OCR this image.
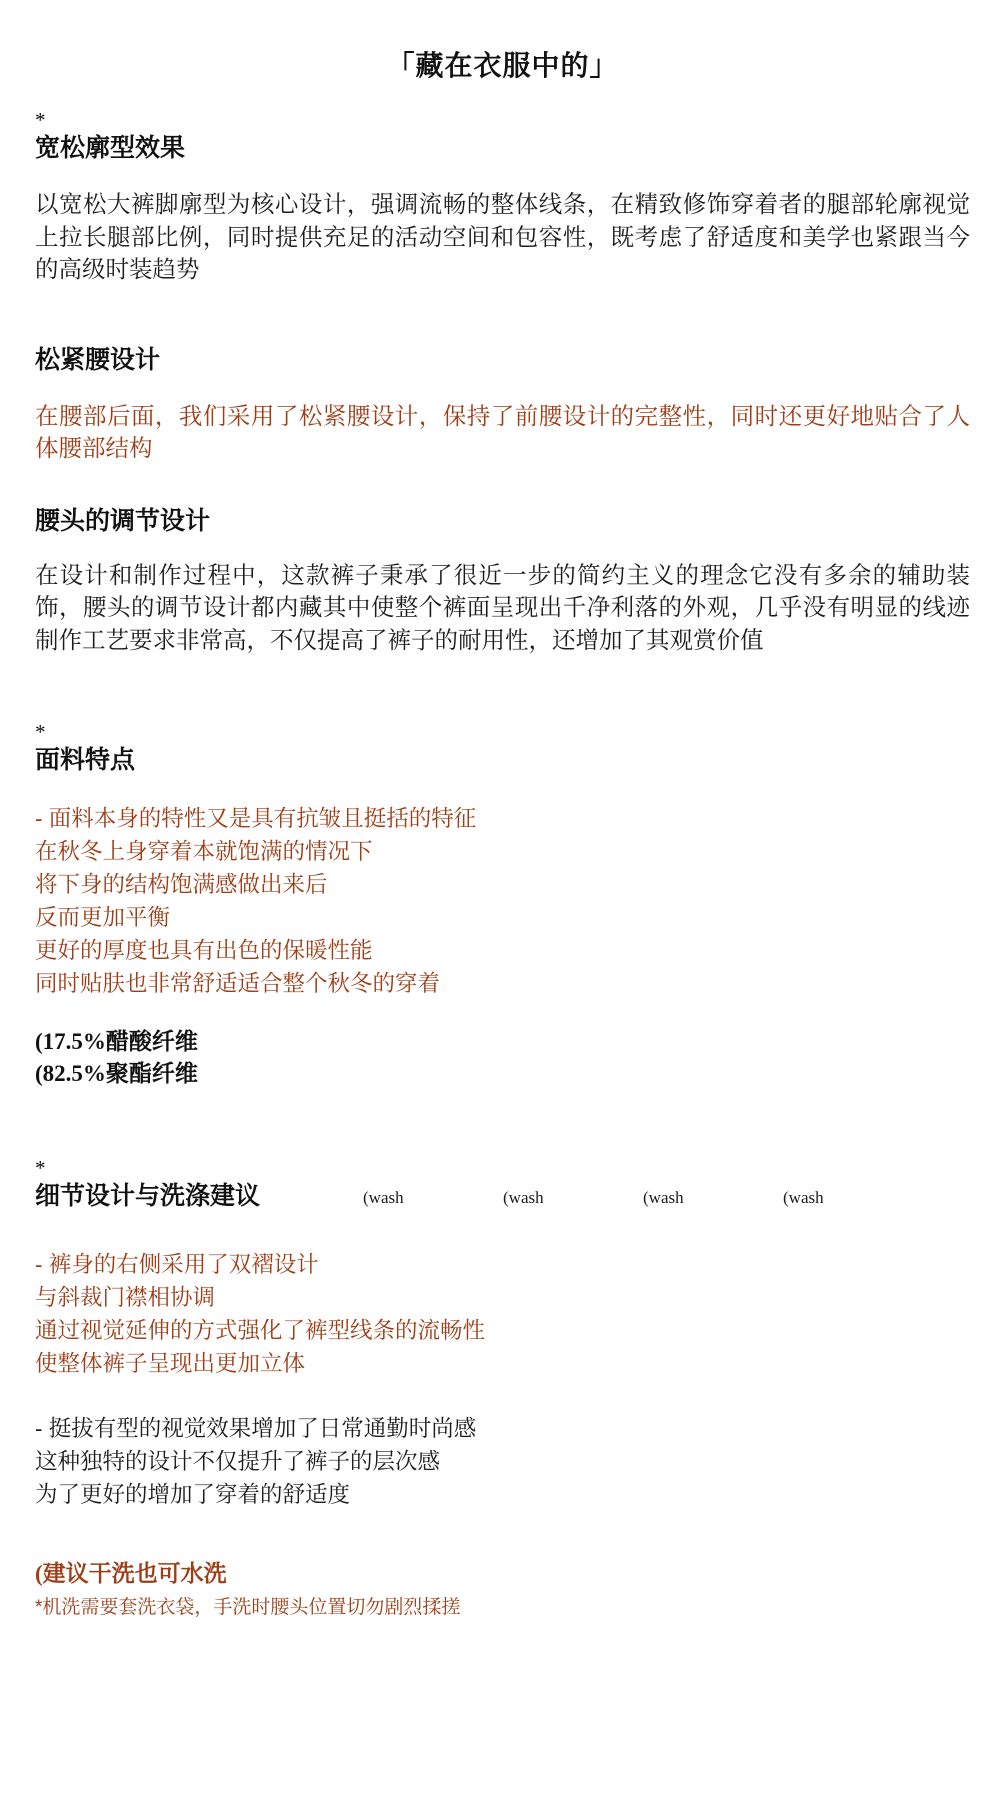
「藏在衣服中的」
*
宽松廓型效果

以宽松大裤脚廓型为核心设计，强调流畅的整体线条，在精致修饰穿着者的腿部轮廓视觉上拉长腿部比例，同时提供充足的活动空间和包容性，既考虑了舒适度和美学也紧跟当今的高级时装趋势

松紧腰设计

在腰部后面，我们采用了松紧腰设计，保持了前腰设计的完整性，同时还更好地贴合了人体腰部结构

腰头的调节设计

在设计和制作过程中，这款裤子秉承了很近一步的简约主义的理念它没有多余的辅助装饰，腰头的调节设计都内藏其中使整个裤面呈现出千净利落的外观，几乎没有明显的线迹制作工艺要求非常高，不仅提高了裤子的耐用性，还增加了其观赏价值

*
面料特点
- 面料本身的特性又是具有抗皱且挺括的特征
在秋冬上身穿着本就饱满的情况下
将下身的结构饱满感做出来后
反而更加平衡
更好的厚度也具有出色的保暖性能
同时贴肤也非常舒适适合整个秋冬的穿着
(17.5%醋酸纤维
(82.5%聚酯纤维
*
细节设计与洗涤建议	(wash	(wash	(wash	(wash
- 裤身的右侧采用了双褶设计
与斜裁门襟相协调
通过视觉延伸的方式强化了裤型线条的流畅性
使整体裤子呈现出更加立体
- 挺拔有型的视觉效果增加了日常通勤时尚感
这种独特的设计不仅提升了裤子的层次感
为了更好的增加了穿着的舒适度
(建议干洗也可水洗
*机洗需要套洗衣袋，手洗时腰头位置切勿剧烈揉搓
